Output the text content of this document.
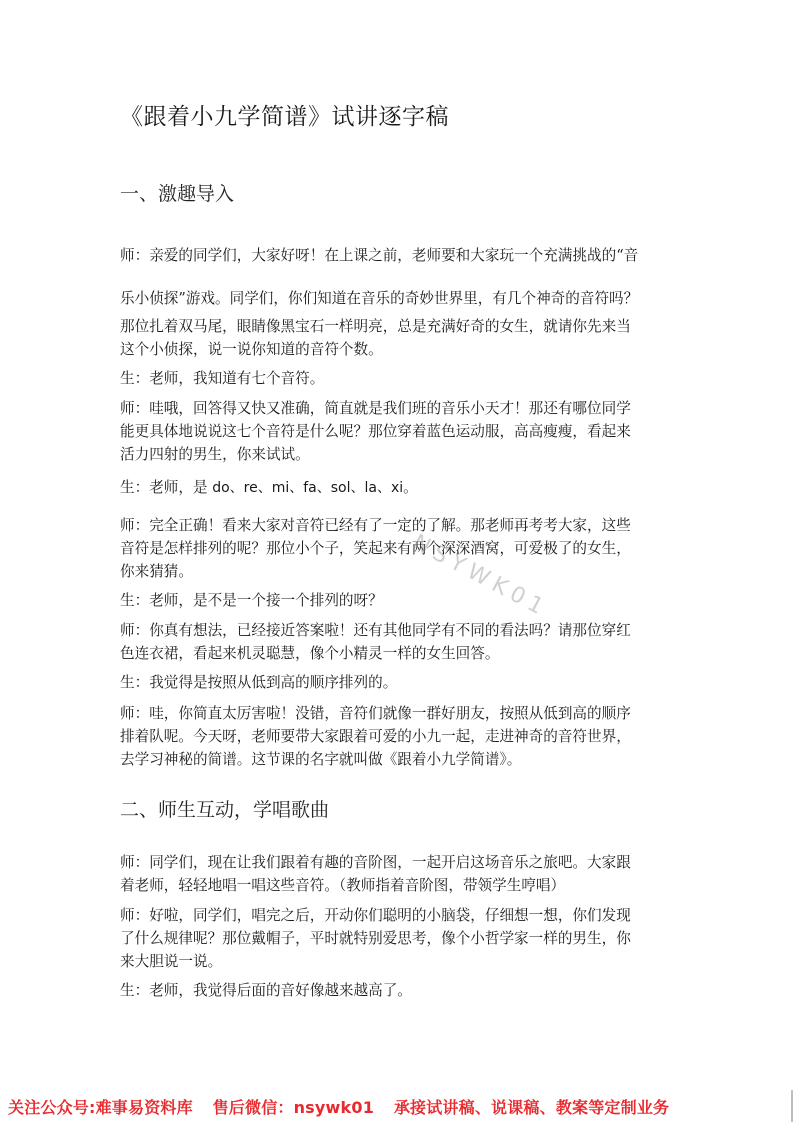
《跟着小九学简谱》试讲逐字稿
一、激趣导入
师：亲爱的同学们，大家好呀！在上课之前，老师要和大家玩一个充满挑战的“音
乐小侦探”游戏。同学们，你们知道在音乐的奇妙世界里，有几个神奇的音符吗？
那位扎着双马尾，眼睛像黑宝石一样明亮，总是充满好奇的女生，就请你先来当
这个小侦探，说一说你知道的音符个数。
生：老师，我知道有七个音符。
师：哇哦，回答得又快又准确，简直就是我们班的音乐小天才！那还有哪位同学
能更具体地说说这七个音符是什么呢？那位穿着蓝色运动服，高高瘦瘦，看起来
活力四射的男生，你来试试。
生：老师，是 do、re、mi、fa、sol、la、xi。
师：完全正确！看来大家对音符已经有了一定的了解。那老师再考考大家，这些
音符是怎样排列的呢？那位小个子，笑起来有两个深深酒窝，可爱极了的女生，
你来猜猜。
生：老师，是不是一个接一个排列的呀？
师：你真有想法，已经接近答案啦！还有其他同学有不同的看法吗？请那位穿红
色连衣裙，看起来机灵聪慧，像个小精灵一样的女生回答。
生：我觉得是按照从低到高的顺序排列的。
师：哇，你简直太厉害啦！没错，音符们就像一群好朋友，按照从低到高的顺序
排着队呢。今天呀，老师要带大家跟着可爱的小九一起，走进神奇的音符世界，
去学习神秘的简谱。这节课的名字就叫做《跟着小九学简谱》。
二、师生互动，学唱歌曲
师：同学们，现在让我们跟着有趣的音阶图，一起开启这场音乐之旅吧。大家跟
着老师，轻轻地唱一唱这些音符。（教师指着音阶图，带领学生哼唱）
师：好啦，同学们，唱完之后，开动你们聪明的小脑袋，仔细想一想，你们发现
了什么规律呢？那位戴帽子，平时就特别爱思考，像个小哲学家一样的男生，你
来大胆说一说。
生：老师，我觉得后面的音好像越来越高了。
NSYWK01
关注公众号:难事易资料库 售后微信：nsywk01 承接试讲稿、说课稿、教案等定制业务
